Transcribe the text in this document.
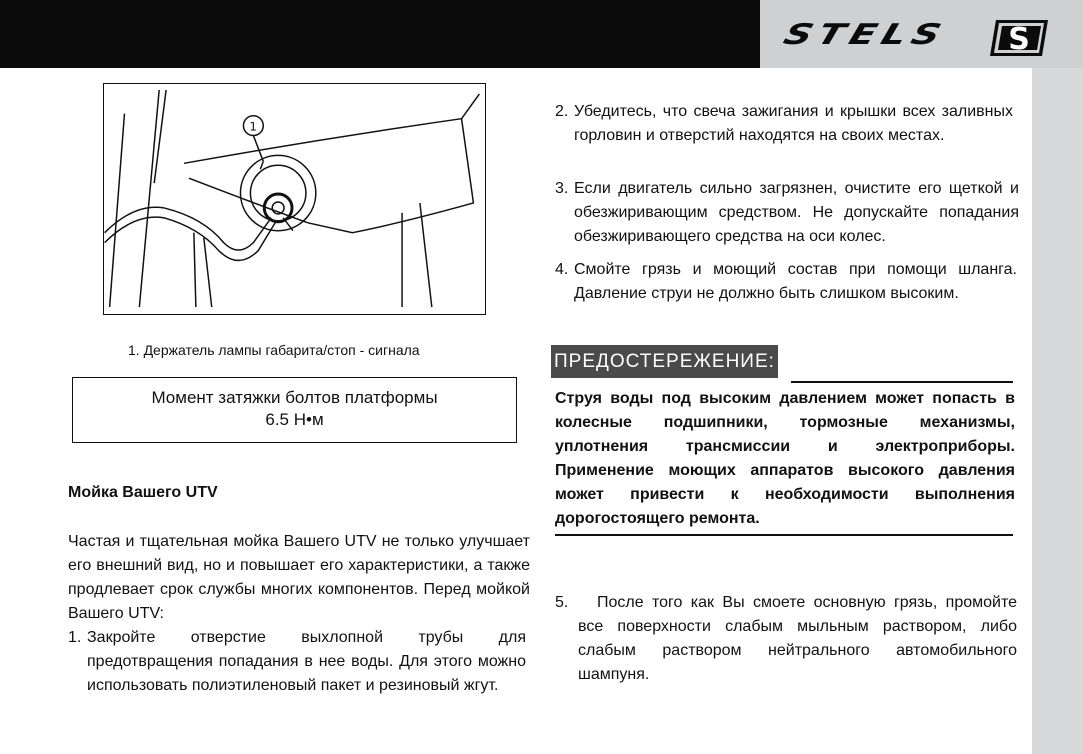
STELS	S
1
1. Держатель лампы габарита/стоп - сигнала
Момент затяжки болтов платформы
6.5 Н•м
Мойка Вашего UTV
Частая и тщательная мойка Вашего UTV не только улучшает его внешний вид, но и повышает его характеристики, а также продлевает срок службы многих компонентов. Перед мойкой Вашего UTV:
1. Закройте отверстие выхлопной трубы для предотвращения попадания в нее воды. Для этого можно использовать полиэтиленовый пакет и резиновый жгут.
2. Убедитесь, что свеча зажигания и крышки всех заливных горловин и отверстий находятся на своих местах.
3. Если двигатель сильно загрязнен, очистите его щеткой и обезжиривающим средством. Не допускайте попадания обезжиривающего средства на оси колес.
4. Смойте грязь и моющий состав при помощи шланга. Давление струи не должно быть слишком высоким.
ПРЕДОСТЕРЕЖЕНИЕ:
Струя воды под высоким давлением может попасть в колесные подшипники, тормозные механизмы, уплотнения трансмиссии и электроприборы. Применение моющих аппаратов высокого давления может привести к необходимости выполнения дорогостоящего ремонта.
5.	После того как Вы смоете основную грязь, промойте все поверхности слабым мыльным раствором, либо слабым раствором нейтрального автомобильного шампуня.
